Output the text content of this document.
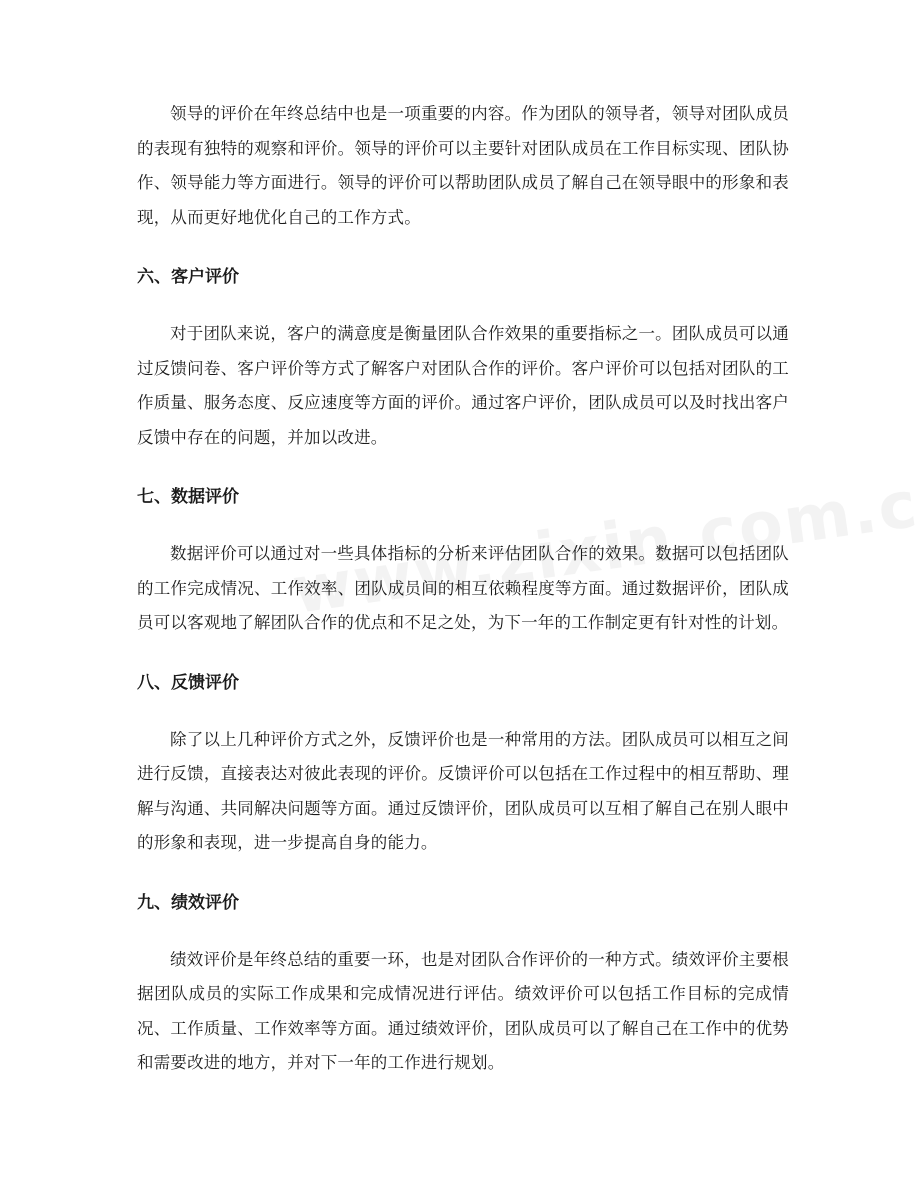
领导的评价在年终总结中也是一项重要的内容。作为团队的领导者，领导对团队成员的表现有独特的观察和评价。领导的评价可以主要针对团队成员在工作目标实现、团队协作、领导能力等方面进行。领导的评价可以帮助团队成员了解自己在领导眼中的形象和表现，从而更好地优化自己的工作方式。

六、客户评价

对于团队来说，客户的满意度是衡量团队合作效果的重要指标之一。团队成员可以通过反馈问卷、客户评价等方式了解客户对团队合作的评价。客户评价可以包括对团队的工作质量、服务态度、反应速度等方面的评价。通过客户评价，团队成员可以及时找出客户反馈中存在的问题，并加以改进。

七、数据评价

数据评价可以通过对一些具体指标的分析来评估团队合作的效果。数据可以包括团队的工作完成情况、工作效率、团队成员间的相互依赖程度等方面。通过数据评价，团队成员可以客观地了解团队合作的优点和不足之处，为下一年的工作制定更有针对性的计划。

八、反馈评价

除了以上几种评价方式之外，反馈评价也是一种常用的方法。团队成员可以相互之间进行反馈，直接表达对彼此表现的评价。反馈评价可以包括在工作过程中的相互帮助、理解与沟通、共同解决问题等方面。通过反馈评价，团队成员可以互相了解自己在别人眼中的形象和表现，进一步提高自身的能力。

九、绩效评价

绩效评价是年终总结的重要一环，也是对团队合作评价的一种方式。绩效评价主要根据团队成员的实际工作成果和完成情况进行评估。绩效评价可以包括工作目标的完成情况、工作质量、工作效率等方面。通过绩效评价，团队成员可以了解自己在工作中的优势和需要改进的地方，并对下一年的工作进行规划。
